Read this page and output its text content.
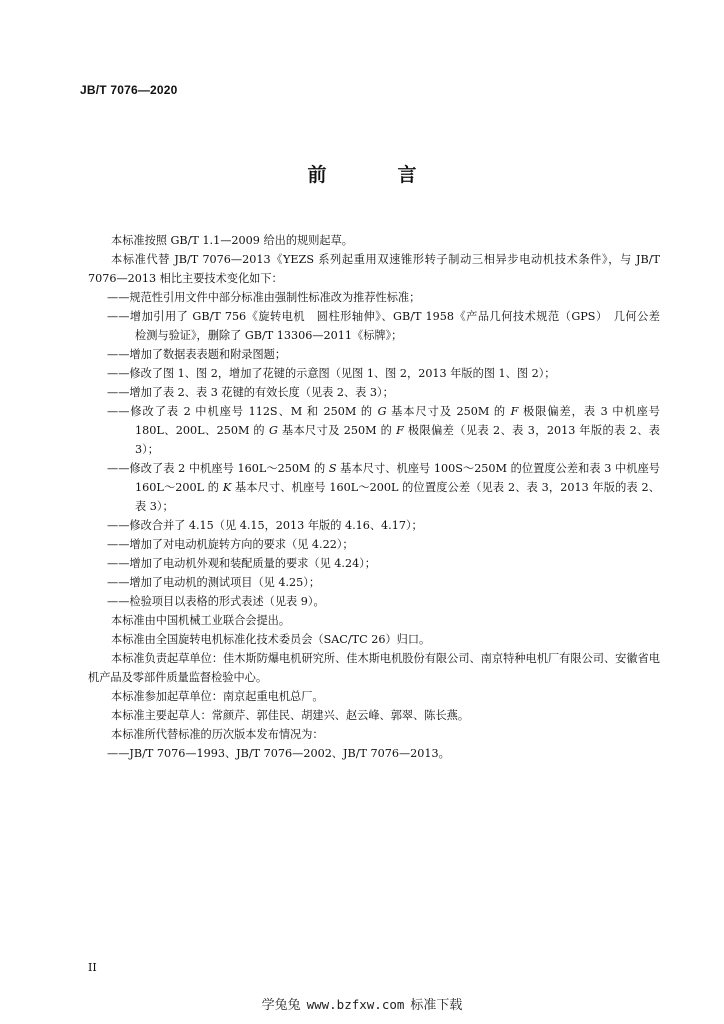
JB/T 7076—2020
前　言

本标准按照 GB/T 1.1—2009 给出的规则起草。

本标准代替 JB/T 7076—2013《YEZS 系列起重用双速锥形转子制动三相异步电动机技术条件》，与 JB/T 7076—2013 相比主要技术变化如下：

——规范性引用文件中部分标准由强制性标准改为推荐性标准；

——增加引用了 GB/T 756《旋转电机　圆柱形轴伸》、GB/T 1958《产品几何技术规范（GPS）　几何公差　检测与验证》，删除了 GB/T 13306—2011《标牌》；

——增加了数据表表题和附录图题；

——修改了图 1、图 2，增加了花键的示意图（见图 1、图 2，2013 年版的图 1、图 2）；

——增加了表 2、表 3 花键的有效长度（见表 2、表 3）；

——修改了表 2 中机座号 112S、M 和 250M 的 G 基本尺寸及 250M 的 F 极限偏差，表 3 中机座号 180L、200L、250M 的 G 基本尺寸及 250M 的 F 极限偏差（见表 2、表 3，2013 年版的表 2、表 3）；

——修改了表 2 中机座号 160L～250M 的 S 基本尺寸、机座号 100S～250M 的位置度公差和表 3 中机座号 160L～200L 的 K 基本尺寸、机座号 160L～200L 的位置度公差（见表 2、表 3，2013 年版的表 2、表 3）；

——修改合并了 4.15（见 4.15，2013 年版的 4.16、4.17）；

——增加了对电动机旋转方向的要求（见 4.22）；

——增加了电动机外观和装配质量的要求（见 4.24）；

——增加了电动机的测试项目（见 4.25）；

——检验项目以表格的形式表述（见表 9）。

本标准由中国机械工业联合会提出。

本标准由全国旋转电机标准化技术委员会（SAC/TC 26）归口。

本标准负责起草单位：佳木斯防爆电机研究所、佳木斯电机股份有限公司、南京特种电机厂有限公司、安徽省电机产品及零部件质量监督检验中心。

本标准参加起草单位：南京起重电机总厂。

本标准主要起草人：常颜芹、郭佳民、胡建兴、赵云峰、郭翠、陈长燕。

本标准所代替标准的历次版本发布情况为：

——JB/T 7076—1993、JB/T 7076—2002、JB/T 7076—2013。

II
学兔兔 www.bzfxw.com 标准下载
